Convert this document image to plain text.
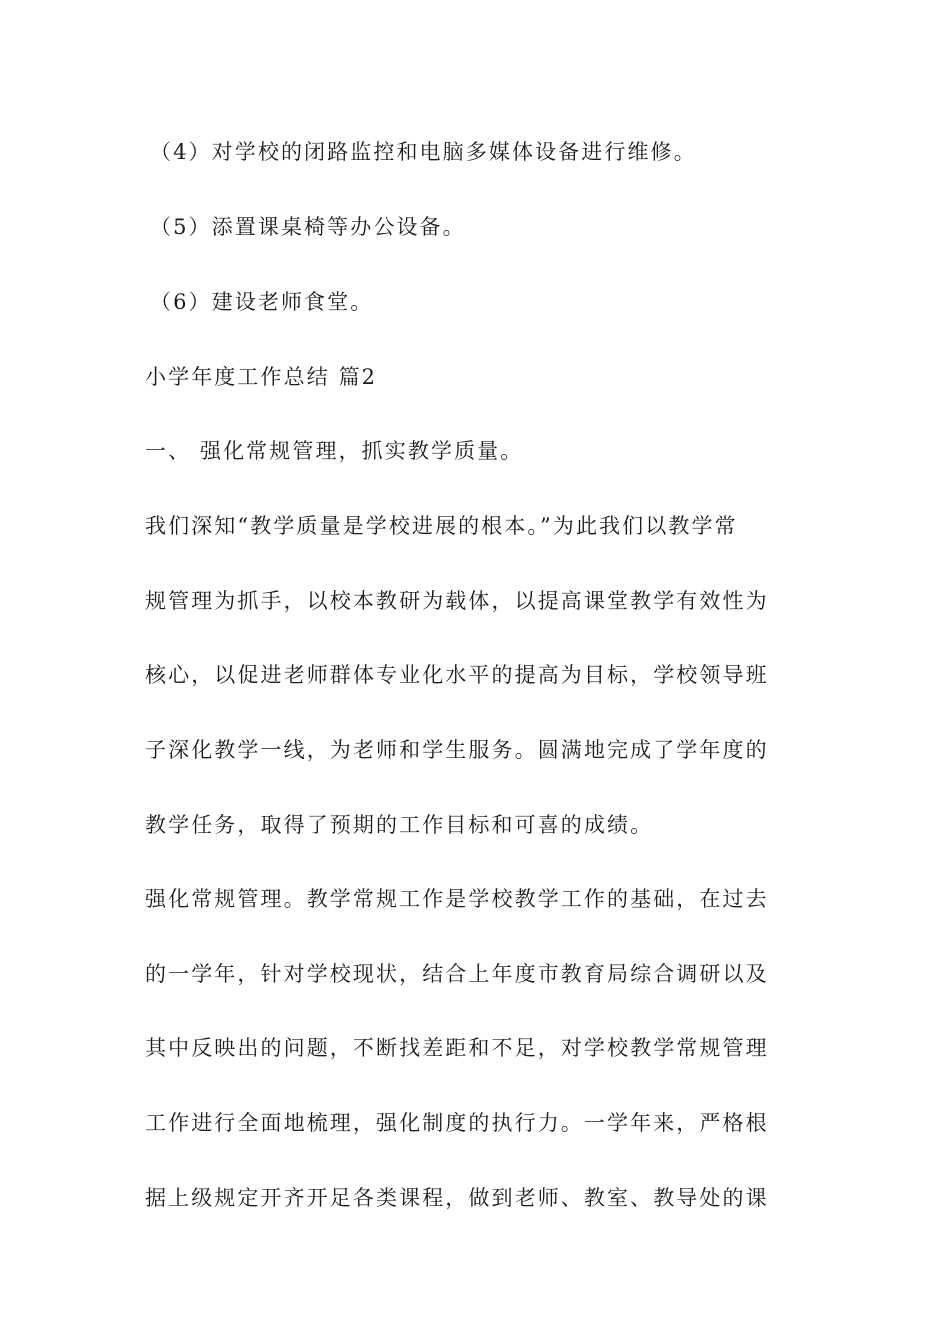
（4）对学校的闭路监控和电脑多媒体设备进行维修。
（5）添置课桌椅等办公设备。
（6）建设老师食堂。
小学年度工作总结 篇2
一、 强化常规管理，抓实教学质量。
我们深知“教学质量是学校进展的根本。”为此我们以教学常
规管理为抓手，以校本教研为载体，以提高课堂教学有效性为
核心，以促进老师群体专业化水平的提高为目标，学校领导班
子深化教学一线，为老师和学生服务。圆满地完成了学年度的
教学任务，取得了预期的工作目标和可喜的成绩。
强化常规管理。教学常规工作是学校教学工作的基础，在过去
的一学年，针对学校现状，结合上年度市教育局综合调研以及
其中反映出的问题，不断找差距和不足，对学校教学常规管理
工作进行全面地梳理，强化制度的执行力。一学年来，严格根
据上级规定开齐开足各类课程，做到老师、教室、教导处的课
